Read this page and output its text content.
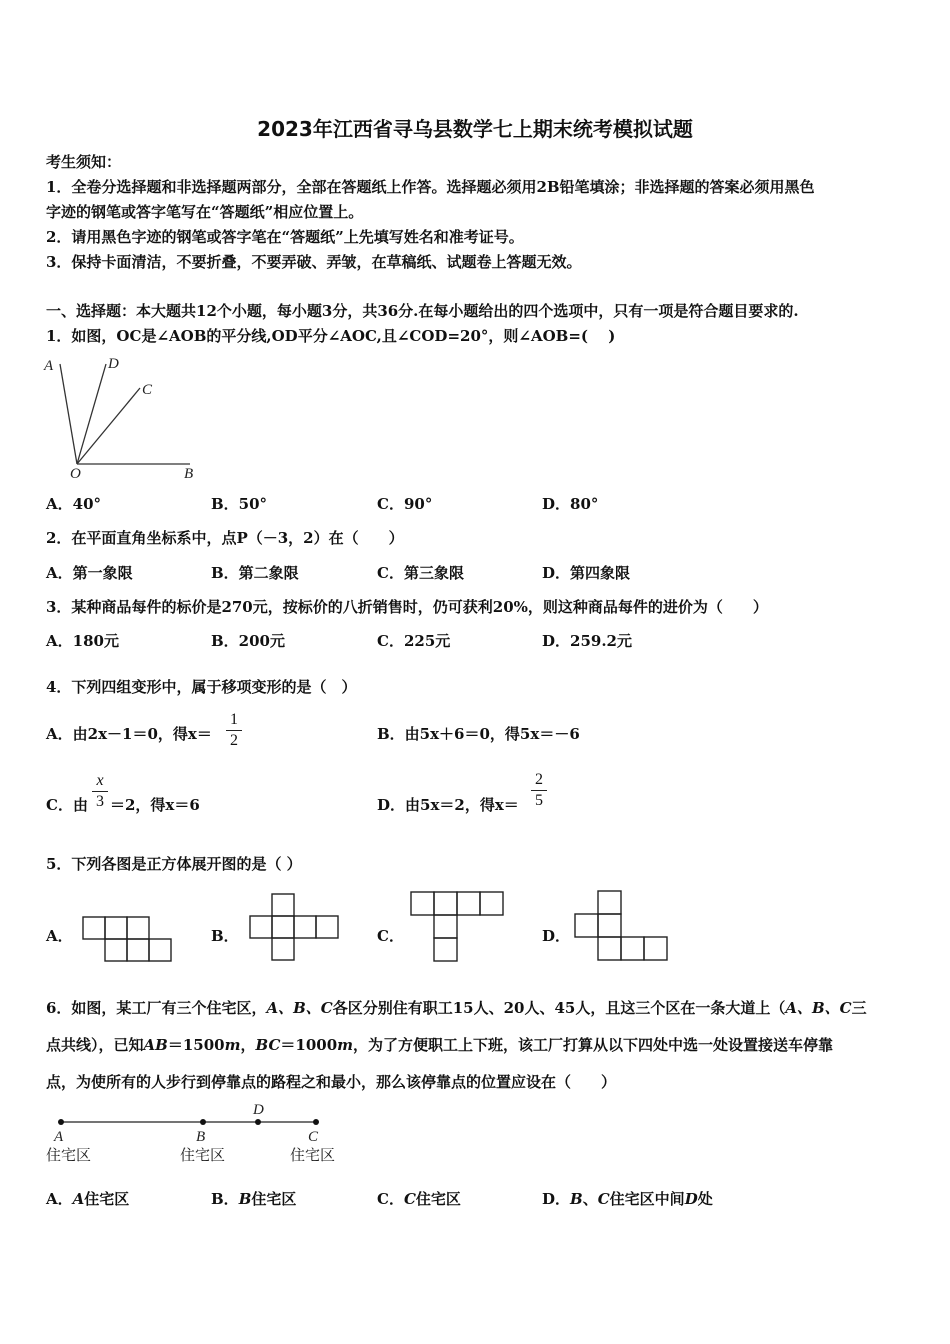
2023年江西省寻乌县数学七上期末统考模拟试题
考生须知：
1．全卷分选择题和非选择题两部分，全部在答题纸上作答。选择题必须用2B铅笔填涂；非选择题的答案必须用黑色
字迹的钢笔或答字笔写在“答题纸”相应位置上。
2．请用黑色字迹的钢笔或答字笔在“答题纸”上先填写姓名和准考证号。
3．保持卡面清洁，不要折叠，不要弄破、弄皱，在草稿纸、试题卷上答题无效。
一、选择题：本大题共12个小题，每小题3分，共36分.在每小题给出的四个选项中，只有一项是符合题目要求的.
1．如图，OC是∠AOB的平分线,OD平分∠AOC,且∠COD=20°，则∠AOB=(　 )
A	D
C
O	B
A．40°	B．50°	C．90°	D．80°
2．在平面直角坐标系中，点P（－3，2）在（　　）
A．第一象限	B．第二象限	C．第三象限	D．第四象限
3．某种商品每件的标价是270元，按标价的八折销售时，仍可获利20%，则这种商品每件的进价为（　　）
A．180元	B．200元	C．225元	D．259.2元
4．下列四组变形中，属于移项变形的是（　）
A．由2x－1＝0，得x＝
1
2	B．由5x＋6＝0，得5x＝－6
C．由
x
3 ＝2，得x＝6	D．由5x＝2，得x＝
2
5
5．下列各图是正方体展开图的是（ ）
A．	B．	C．	D．
6．如图，某工厂有三个住宅区，A、B、C各区分别住有职工15人、20人、45人，且这三个区在一条大道上（A、B、C三
点共线），已知AB＝1500m，BC＝1000m，为了方便职工上下班，该工厂打算从以下四处中选一处设置接送车停靠
点，为使所有的人步行到停靠点的路程之和最小，那么该停靠点的位置应设在（　　）
D
A	B	C
住宅区	住宅区	住宅区
A．A住宅区	B．B住宅区	C．C住宅区	D．B、C住宅区中间D处
